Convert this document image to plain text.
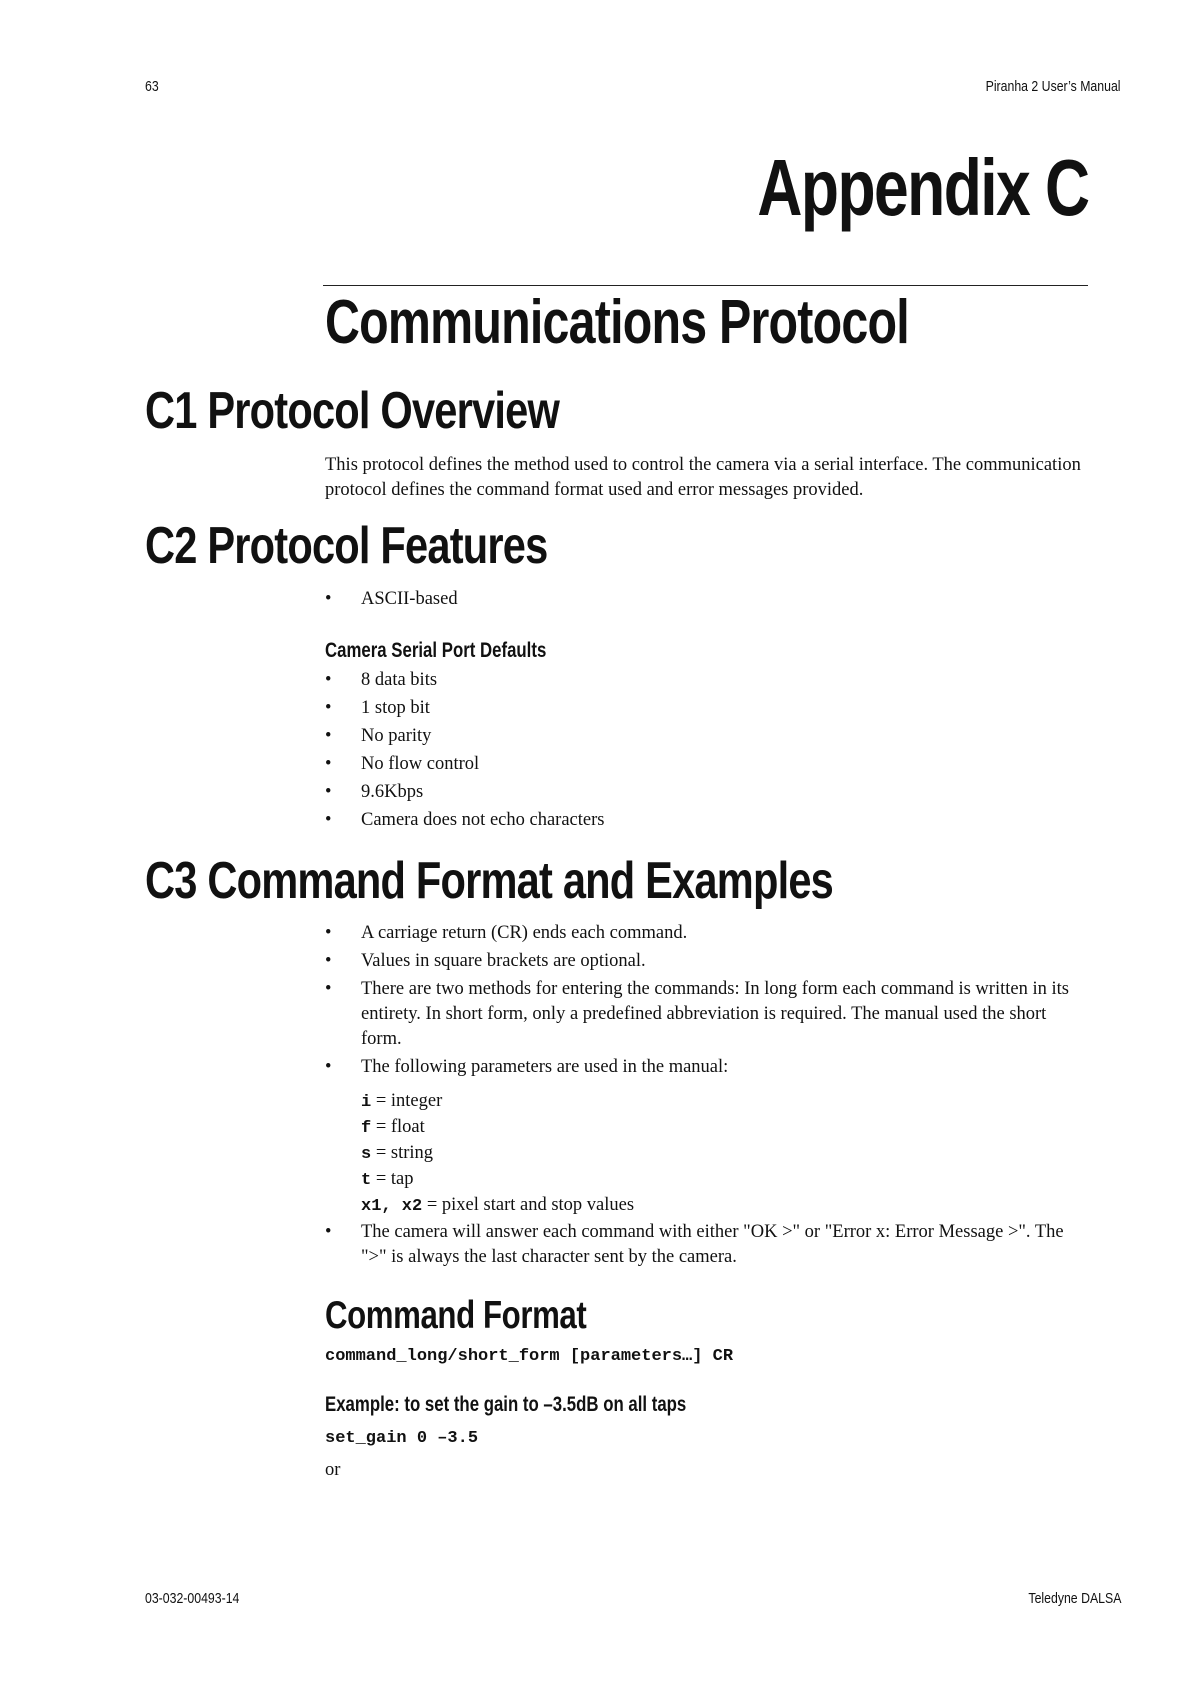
63	Piranha 2 User’s Manual
Appendix C
Communications Protocol
C1 Protocol Overview
This protocol defines the method used to control the camera via a serial interface. The communication protocol defines the command format used and error messages provided.
C2 Protocol Features
• ASCII-based
Camera Serial Port Defaults
• 8 data bits
• 1 stop bit
• No parity
• No flow control
• 9.6Kbps
• Camera does not echo characters
C3 Command Format and Examples
• A carriage return (CR) ends each command.
• Values in square brackets are optional.
• There are two methods for entering the commands: In long form each command is written in its entirety. In short form, only a predefined abbreviation is required. The manual used the short form.
• The following parameters are used in the manual:
i = integer
f = float
s = string
t = tap
x1, x2 = pixel start and stop values
• The camera will answer each command with either "OK >" or "Error x: Error Message >". The ">" is always the last character sent by the camera.
Command Format
command_long/short_form [parameters…] CR
Example: to set the gain to –3.5dB on all taps
set_gain 0 –3.5
or
03-032-00493-14	Teledyne DALSA
